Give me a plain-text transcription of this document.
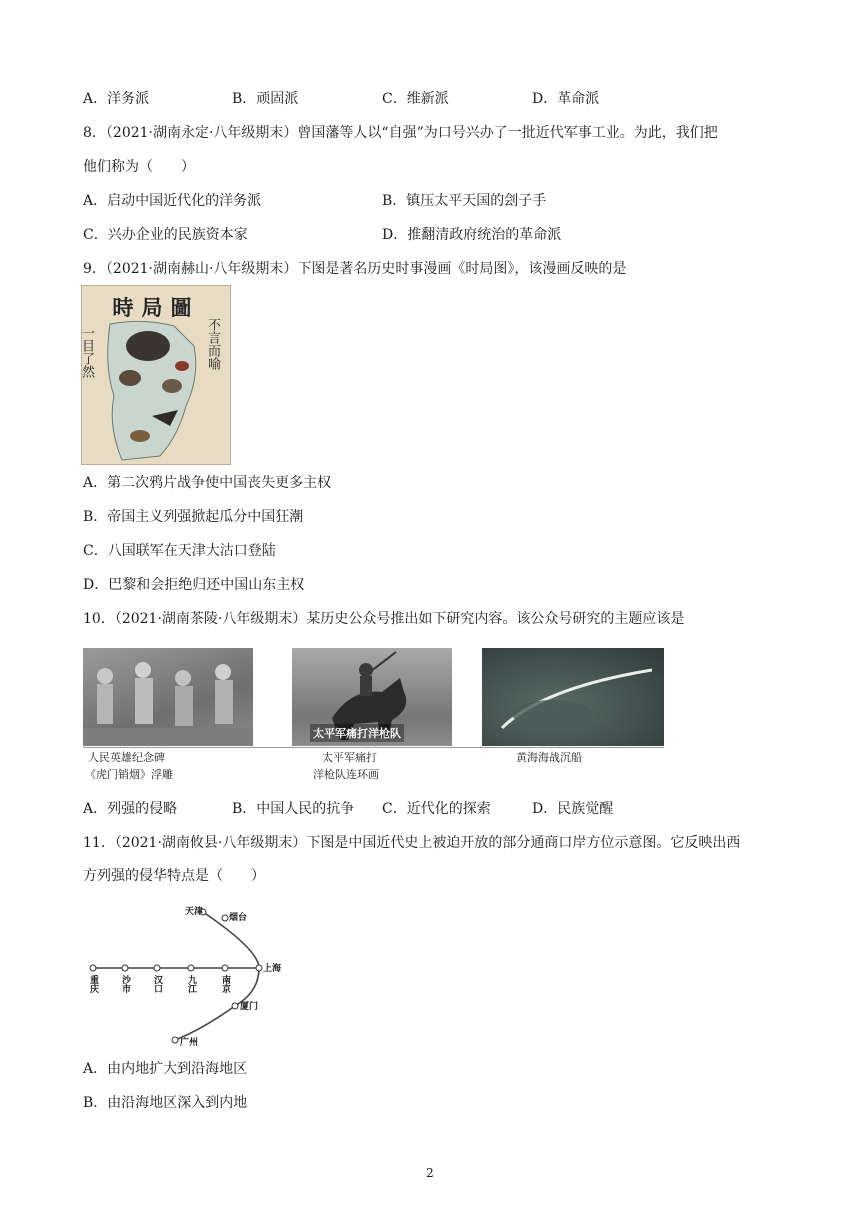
A．洋务派	B．顽固派	C．维新派	D．革命派
8．（2021·湖南永定·八年级期末）曾国藩等人以“自强”为口号兴办了一批近代军事工业。为此，我们把
他们称为（　　）
A．启动中国近代化的洋务派	B．镇压太平天国的刽子手
C．兴办企业的民族资本家	D．推翻清政府统治的革命派
9．（2021·湖南赫山·八年级期末）下图是著名历史时事漫画《时局图》，该漫画反映的是
時局圖
一目了然	不言而喻
A．第二次鸦片战争使中国丧失更多主权
B．帝国主义列强掀起瓜分中国狂潮
C．八国联军在天津大沽口登陆
D．巴黎和会拒绝归还中国山东主权
10．（2021·湖南茶陵·八年级期末）某历史公众号推出如下研究内容。该公众号研究的主题应该是
太平军痛打洋枪队
人民英雄纪念碑
《虎门销烟》浮雕
太平军痛打
洋枪队连环画
黄海海战沉船
A．列强的侵略	B．中国人民的抗争 C．近代化的探索	D．民族觉醒
11．（2021·湖南攸县·八年级期末）下图是中国近代史上被迫开放的部分通商口岸方位示意图。它反映出西
方列强的侵华特点是（　　）
天津
烟台
上海
厦门
广州
重庆 沙市 汉口	九江	南京
A．由内地扩大到沿海地区
B．由沿海地区深入到内地
2
